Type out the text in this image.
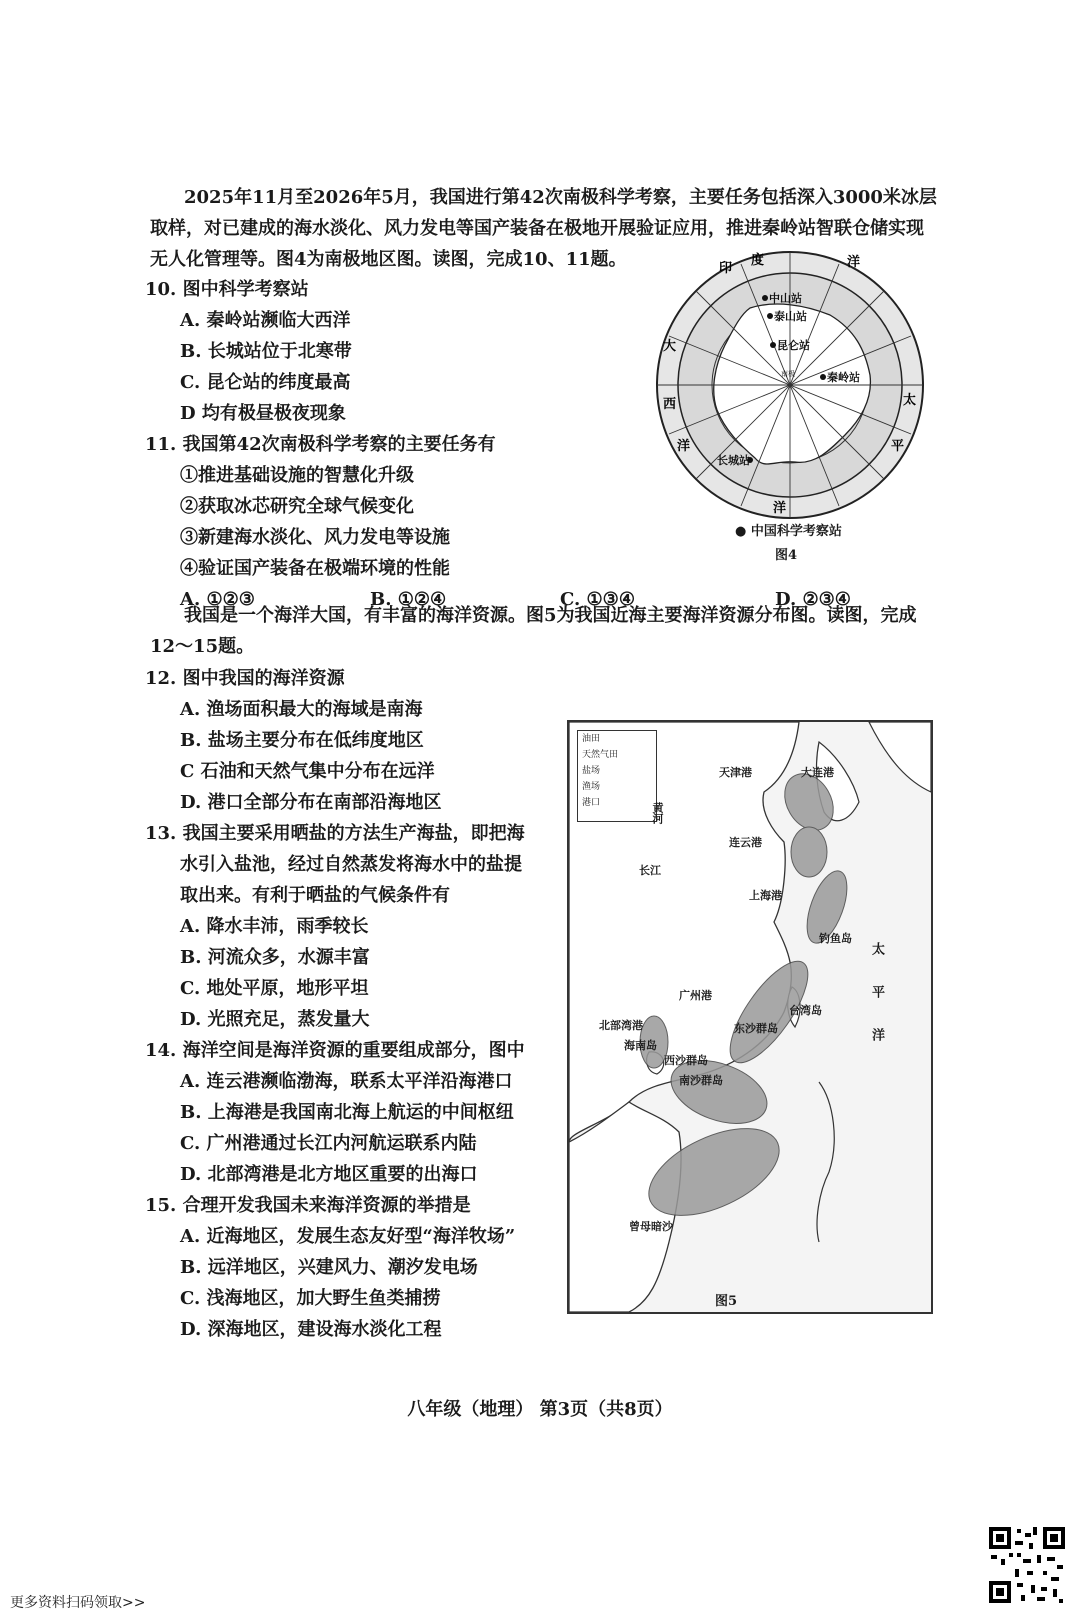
2025年11月至2026年5月，我国进行第42次南极科学考察，主要任务包括深入3000米冰层取样，对已建成的海水淡化、风力发电等国产装备在极地开展验证应用，推进秦岭站智联仓储实现无人化管理等。图4为南极地区图。读图，完成10、11题。
10. 图中科学考察站
A. 秦岭站濒临大西洋
B. 长城站位于北寒带
C. 昆仑站的纬度最高
D 均有极昼极夜现象
11. 我国第42次南极科学考察的主要任务有
①推进基础设施的智慧化升级
②获取冰芯研究全球气候变化
③新建海水淡化、风力发电等设施
④验证国产装备在极端环境的性能
A. ①②③	B. ①②④	C. ①③④	D. ②③④
中山站
泰山站
昆仑站
秦岭站
长城站
南极
印
度	洋
大
西
洋
太
平
洋
● 中国科学考察站
图4
我国是一个海洋大国，有丰富的海洋资源。图5为我国近海主要海洋资源分布图。读图，完成12～15题。
12. 图中我国的海洋资源
A. 渔场面积最大的海域是南海
B. 盐场主要分布在低纬度地区
C 石油和天然气集中分布在远洋
D. 港口全部分布在南部沿海地区
13. 我国主要采用晒盐的方法生产海盐，即把海
水引入盐池，经过自然蒸发将海水中的盐提
取出来。有利于晒盐的气候条件有
A. 降水丰沛，雨季较长
B. 河流众多，水源丰富
C. 地处平原，地形平坦
D. 光照充足，蒸发量大
14. 海洋空间是海洋资源的重要组成部分，图中
A. 连云港濒临渤海，联系太平洋沿海港口
B. 上海港是我国南北海上航运的中间枢纽
C. 广州港通过长江内河航运联系内陆
D. 北部湾港是北方地区重要的出海口
15. 合理开发我国未来海洋资源的举措是
A. 近海地区，发展生态友好型“海洋牧场”
B. 远洋地区，兴建风力、潮汐发电场
C. 浅海地区，加大野生鱼类捕捞
D. 深海地区，建设海水淡化工程
油田
天然气田
盐场
渔场
港口
天津港	大连港
连云港
上海港
广州港
北部湾港
台湾岛
海南岛
西沙群岛
东沙群岛
南沙群岛
钓鱼岛
曾母暗沙
黄河
长江
太平洋
图5
八年级（地理） 第3页（共8页）
更多资料扫码领取>>
